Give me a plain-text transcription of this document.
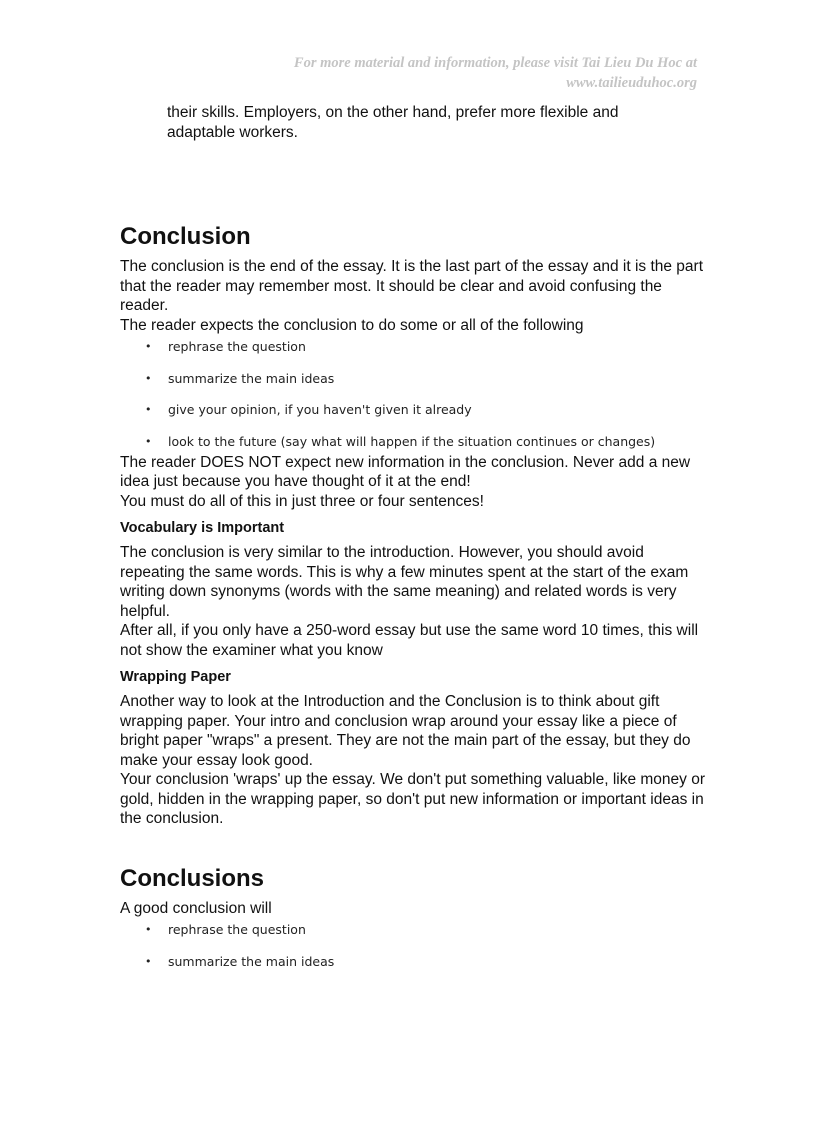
For more material and information, please visit Tai Lieu Du Hoc at
www.tailieuduhoc.org

their skills. Employers, on the other hand, prefer more flexible and adaptable workers.

Conclusion

The conclusion is the end of the essay. It is the last part of the essay and it is the part that the reader may remember most. It should be clear and avoid confusing the reader.

The reader expects the conclusion to do some or all of the following

• rephrase the question
• summarize the main ideas
• give your opinion, if you haven't given it already
• look to the future (say what will happen if the situation continues or changes)

The reader DOES NOT expect new information in the conclusion. Never add a new idea just because you have thought of it at the end!

You must do all of this in just three or four sentences!

Vocabulary is Important

The conclusion is very similar to the introduction. However, you should avoid repeating the same words. This is why a few minutes spent at the start of the exam writing down synonyms (words with the same meaning) and related words is very helpful.

After all, if you only have a 250-word essay but use the same word 10 times, this will not show the examiner what you know

Wrapping Paper

Another way to look at the Introduction and the Conclusion is to think about gift wrapping paper. Your intro and conclusion wrap around your essay like a piece of bright paper "wraps" a present. They are not the main part of the essay, but they do make your essay look good.

Your conclusion 'wraps' up the essay. We don't put something valuable, like money or gold, hidden in the wrapping paper, so don't put new information or important ideas in the conclusion.

Conclusions

A good conclusion will

• rephrase the question
• summarize the main ideas
